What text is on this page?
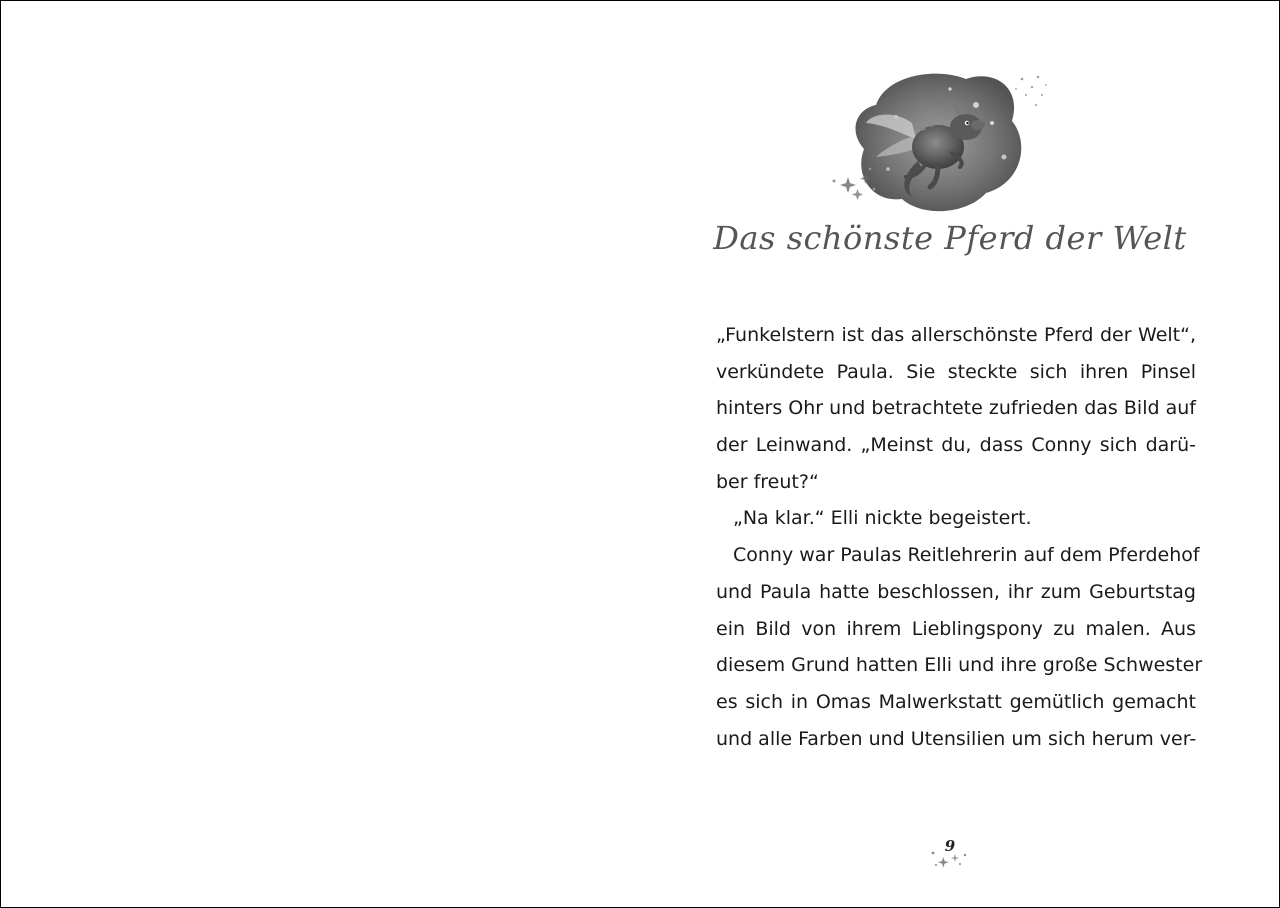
Das schönste Pferd der Welt
„Funkelstern ist das allerschönste Pferd der Welt“,
verkündete Paula. Sie steckte sich ihren Pinsel
hinters Ohr und betrachtete zufrieden das Bild auf
der Leinwand. „Meinst du, dass Conny sich darü-
ber freut?“
„Na klar.“ Elli nickte begeistert.
Conny war Paulas Reitlehrerin auf dem Pferdehof
und Paula hatte beschlossen, ihr zum Geburtstag
ein Bild von ihrem Lieblingspony zu malen. Aus
diesem Grund hatten Elli und ihre große Schwester
es sich in Omas Malwerkstatt gemütlich gemacht
und alle Farben und Utensilien um sich herum ver-
9
